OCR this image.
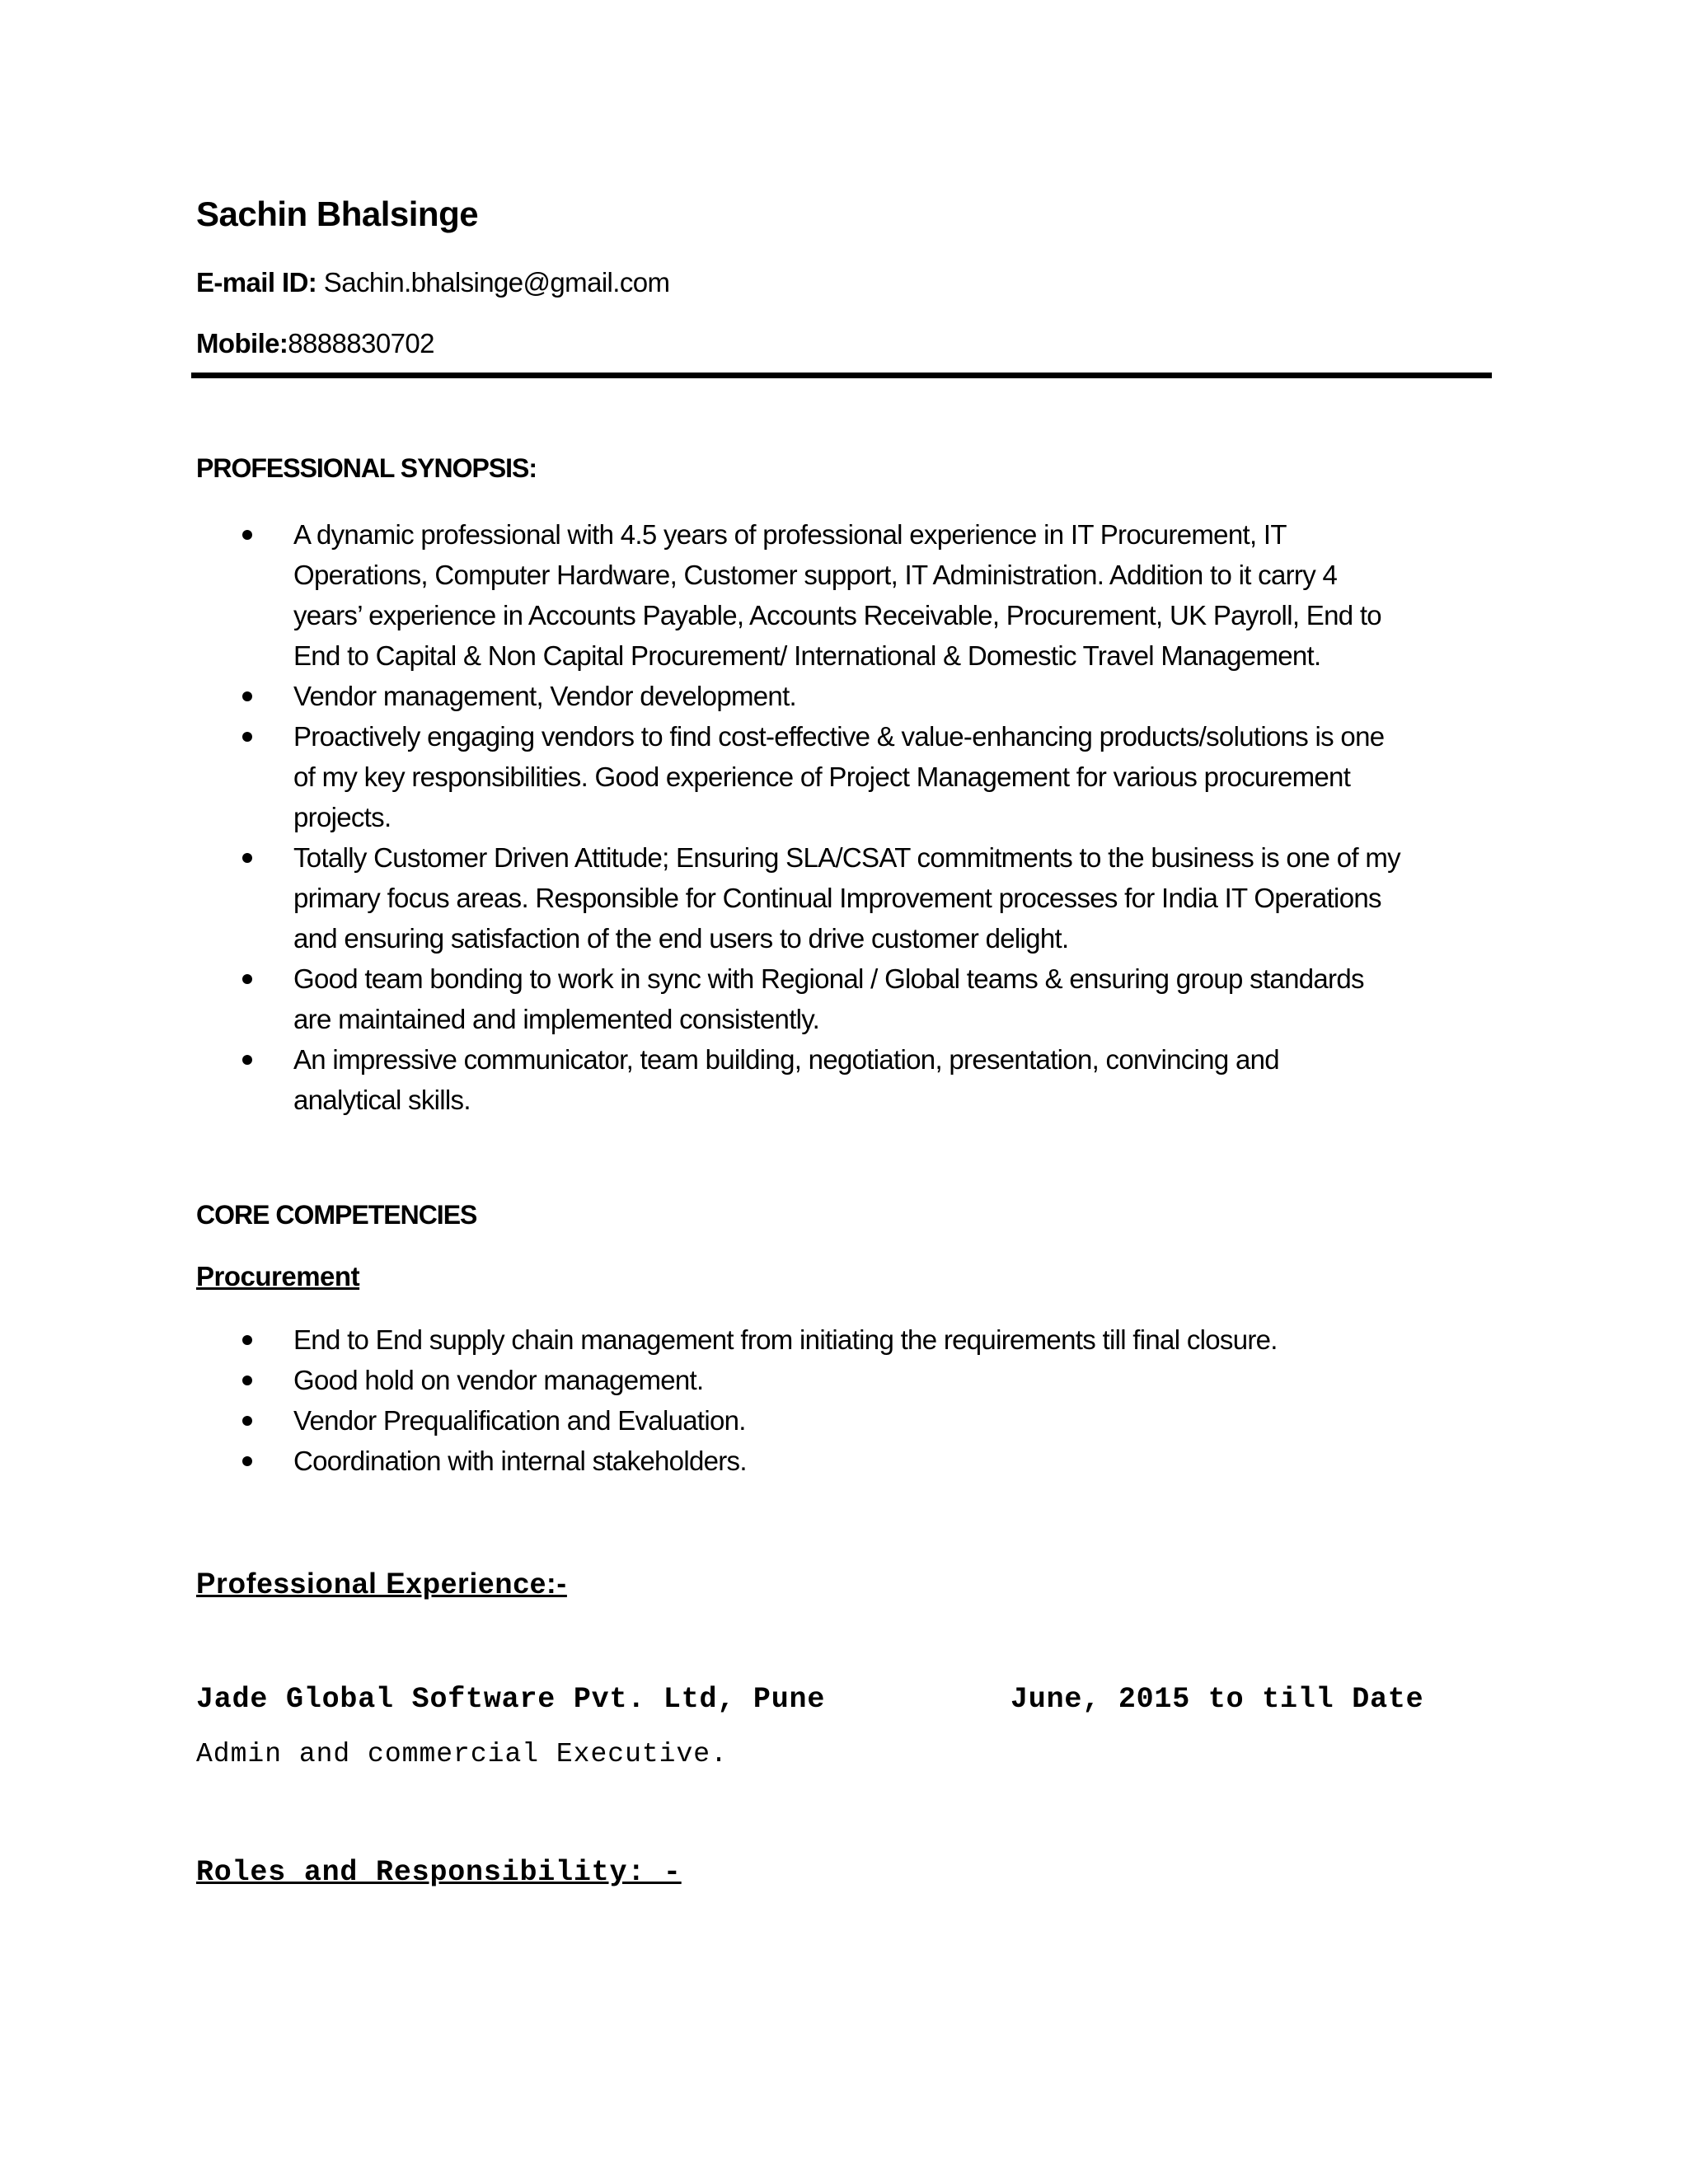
Sachin Bhalsinge
E-mail ID: Sachin.bhalsinge@gmail.com
Mobile:8888830702
PROFESSIONAL SYNOPSIS:
A dynamic professional with 4.5 years of professional experience in IT Procurement, IT
Operations, Computer Hardware, Customer support, IT Administration. Addition to it carry 4
years’ experience in Accounts Payable, Accounts Receivable, Procurement, UK Payroll, End to
End to Capital & Non Capital Procurement/ International & Domestic Travel Management.
Vendor management, Vendor development.
Proactively engaging vendors to find cost-effective & value-enhancing products/solutions is one
of my key responsibilities. Good experience of Project Management for various procurement
projects.
Totally Customer Driven Attitude; Ensuring SLA/CSAT commitments to the business is one of my
primary focus areas. Responsible for Continual Improvement processes for India IT Operations
and ensuring satisfaction of the end users to drive customer delight.
Good team bonding to work in sync with Regional / Global teams & ensuring group standards
are maintained and implemented consistently.
An impressive communicator, team building, negotiation, presentation, convincing and
analytical skills.
CORE COMPETENCIES
Procurement
End to End supply chain management from initiating the requirements till final closure.
Good hold on vendor management.
Vendor Prequalification and Evaluation.
Coordination with internal stakeholders.
Professional Experience:-
Jade Global Software Pvt. Ltd, Pune	June, 2015 to till Date
Admin and commercial Executive.
Roles and Responsibility: -
